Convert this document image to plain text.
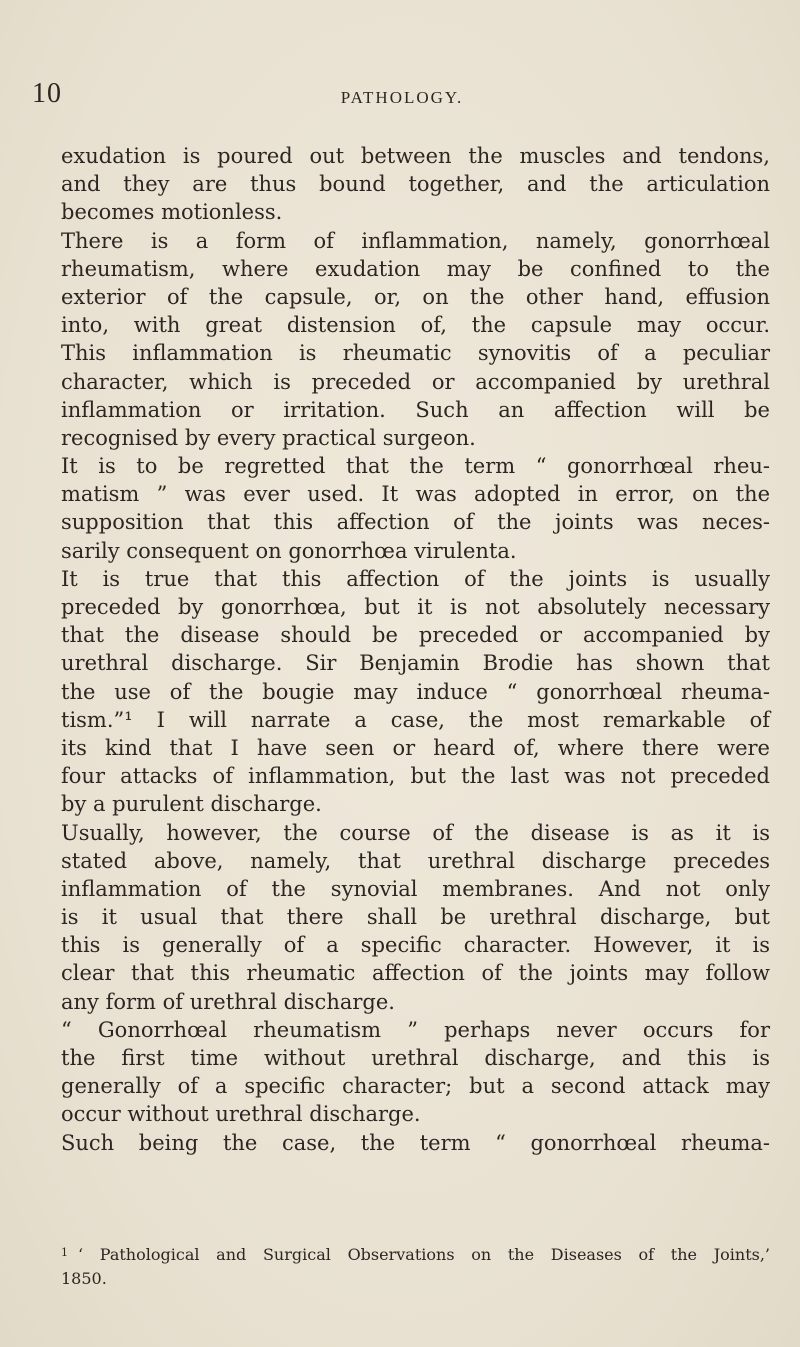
10	PATHOLOGY.
exudation is poured out between the muscles and tendons,
and they are thus bound together, and the articulation
becomes motionless.
There is a form of inflammation, namely, gonorrhœal
rheumatism, where exudation may be confined to the
exterior of the capsule, or, on the other hand, effusion
into, with great distension of, the capsule may occur.
This inflammation is rheumatic synovitis of a peculiar
character, which is preceded or accompanied by urethral
inflammation or irritation. Such an affection will be
recognised by every practical surgeon.
It is to be regretted that the term “ gonorrhœal rheu-
matism ” was ever used. It was adopted in error, on the
supposition that this affection of the joints was neces-
sarily consequent on gonorrhœa virulenta.
It is true that this affection of the joints is usually
preceded by gonorrhœa, but it is not absolutely necessary
that the disease should be preceded or accompanied by
urethral discharge. Sir Benjamin Brodie has shown that
the use of the bougie may induce “ gonorrhœal rheuma-
tism.”¹ I will narrate a case, the most remarkable of
its kind that I have seen or heard of, where there were
four attacks of inflammation, but the last was not preceded
by a purulent discharge.
Usually, however, the course of the disease is as it is
stated above, namely, that urethral discharge precedes
inflammation of the synovial membranes. And not only
is it usual that there shall be urethral discharge, but
this is generally of a specific character. However, it is
clear that this rheumatic affection of the joints may follow
any form of urethral discharge.
“ Gonorrhœal rheumatism ” perhaps never occurs for
the first time without urethral discharge, and this is
generally of a specific character; but a second attack may
occur without urethral discharge.
Such being the case, the term “ gonorrhœal rheuma-
$^1$ ‘ Pathological and Surgical Observations on the Diseases of the Joints,’
1850.
